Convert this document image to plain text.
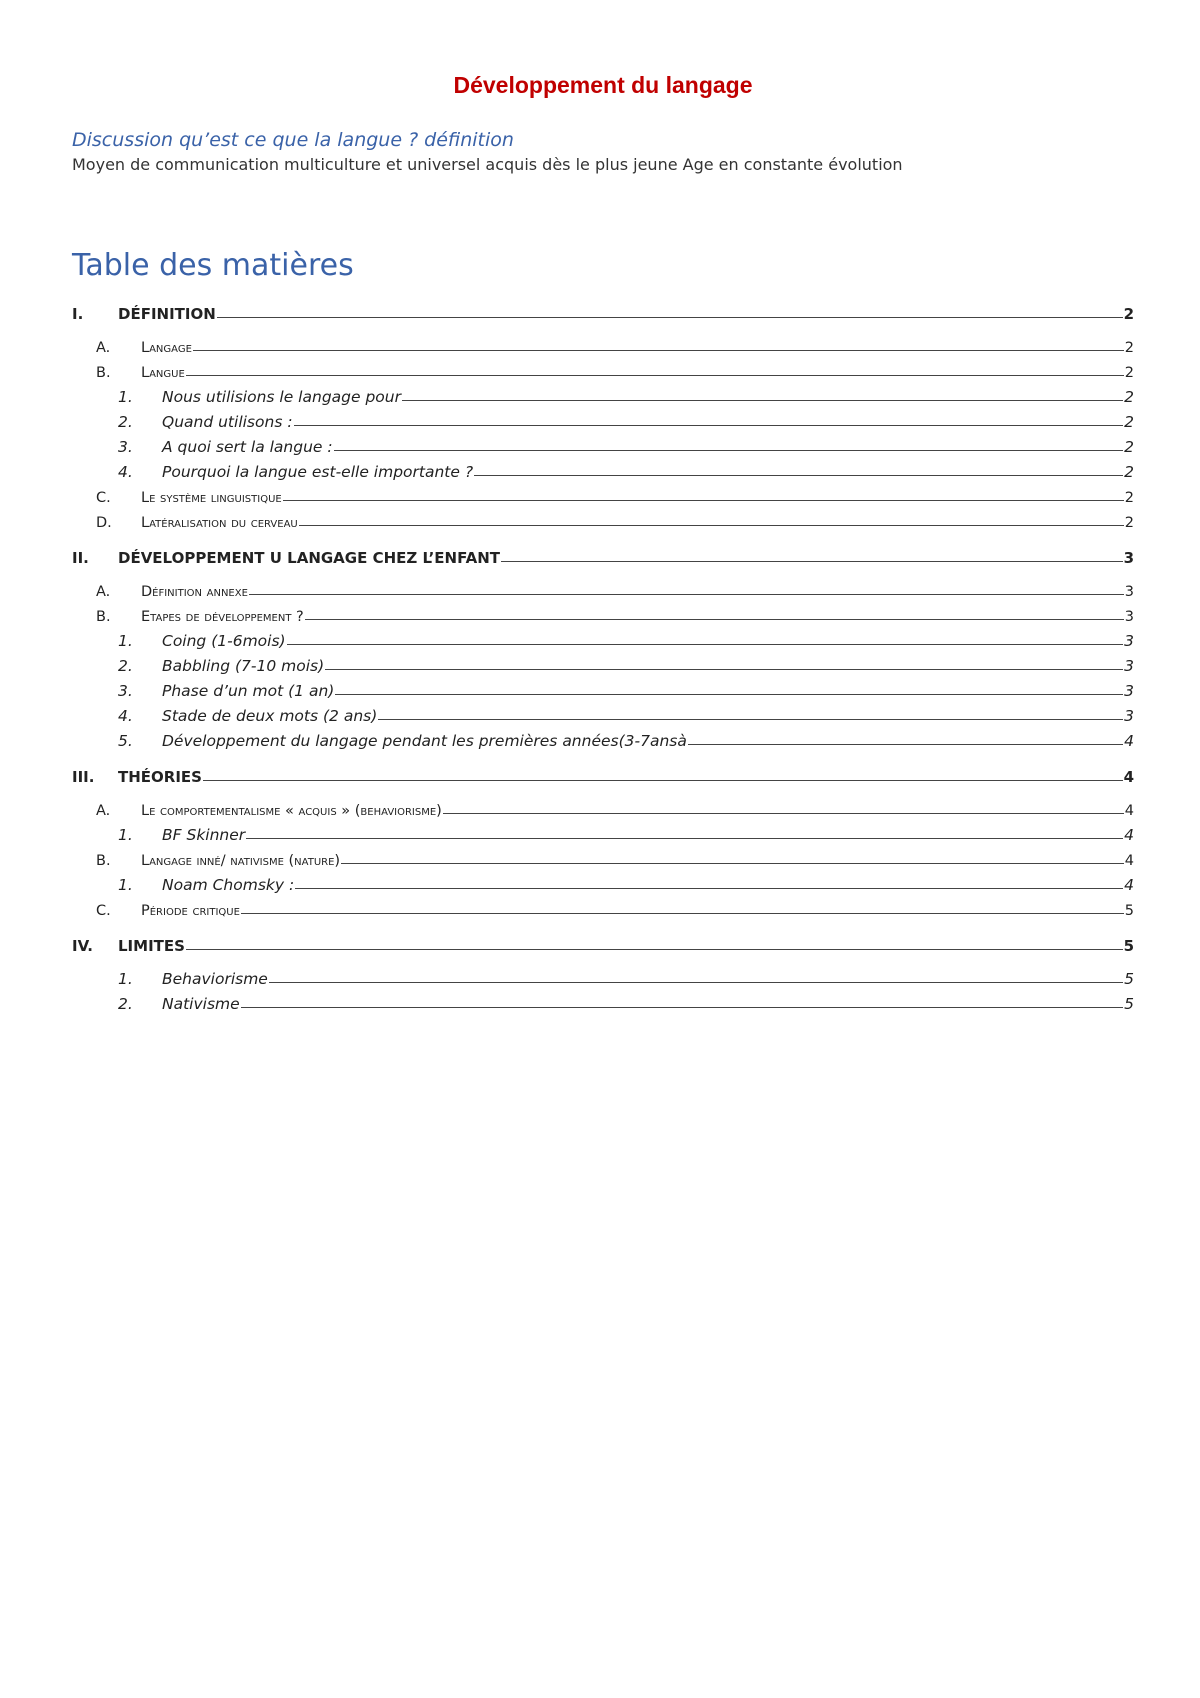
Développement du langage

Discussion qu’est ce que la langue ? définition

Moyen de communication multiculture et universel acquis dès le plus jeune Age en constante évolution

Table des matières
I.	DÉFINITION	2
A.	Langage	2
B.	Langue	2
1.	Nous utilisions le langage pour	2
2.	Quand utilisons :	2
3.	A quoi sert la langue :	2
4.	Pourquoi la langue est-elle importante ?	2
C.	Le système linguistique	2
D.	Latéralisation du cerveau	2
II.	DÉVELOPPEMENT U LANGAGE CHEZ L’ENFANT	3
A.	Définition annexe	3
B.	Etapes de développement ?	3
1.	Coing (1-6mois)	3
2.	Babbling (7-10 mois)	3
3.	Phase d’un mot (1 an)	3
4.	Stade de deux mots (2 ans)	3
5.	Développement du langage pendant les premières années(3-7ansà	4
III.	THÉORIES	4
A.	Le comportementalisme « acquis » (behaviorisme)	4
1.	BF Skinner	4
B.	Langage inné/ nativisme (nature)	4
1.	Noam Chomsky :	4
C.	Période critique	5
IV.	LIMITES	5
1.	Behaviorisme	5
2.	Nativisme	5
